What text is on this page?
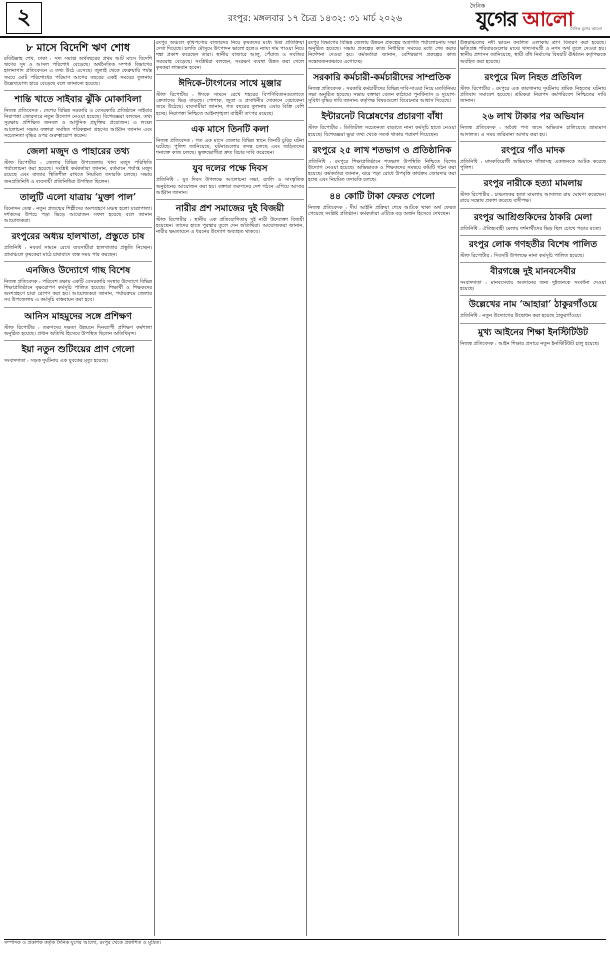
২	রংপুর: মঙ্গলবার ১৭ চৈত্র ১৪৩২: ৩১ মার্চ ২০২৬
দৈনিক
যুগের আলো
দৈনিক যুগের আলো
৮ মাসে বিদেশি ঋণ শোধ
রবিউল্লাহ শেখ, ঢাকা : সদ্য সমাপ্ত অর্থবছরের প্রথম আট মাসে বিদেশি ঋণের সুদ ও আসল পরিশোধ বেড়েছে। অর্থনৈতিক সম্পর্ক বিভাগের হালনাগাদ প্রতিবেদনে এ তথ্য উঠে এসেছে। জুলাই থেকে ফেব্রুয়ারি পর্যন্ত সময়ে মোট পরিশোধের পরিমাণ আগের বছরের একই সময়ের তুলনায় উল্লেখযোগ্য হারে বেড়েছে বলে জানানো হয়েছে।
শান্তি খাতে সাইবার ঝুঁকি মোকাবিলা
নিজস্ব প্রতিবেদক : দেশের বিভিন্ন সরকারি ও বেসরকারি প্রতিষ্ঠানে সাইবার নিরাপত্তা জোরদারে নতুন উদ্যোগ নেওয়া হয়েছে। বিশেষজ্ঞরা বলছেন, তথ্য সুরক্ষায় প্রশিক্ষিত জনবল ও আধুনিক প্রযুক্তির প্রয়োজন। এ লক্ষ্যে আলোচনা সভায় বক্তারা সমন্বিত পরিকল্পনা গ্রহণের আহ্বান জানান এবং সচেতনতা বৃদ্ধির ওপর গুরুত্বারোপ করেন।
জেলা মজুদ ও পাহারের তথ্য
স্টাফ রিপোর্টার : জেলার বিভিন্ন উপজেলায় খাদ্য মজুদ পরিস্থিতি পর্যালোচনা করা হয়েছে। সংশ্লিষ্ট কর্মকর্তারা জানান, বর্তমানে পর্যাপ্ত মজুদ রয়েছে এবং বাজার স্থিতিশীল রাখতে নিয়মিত তদারকি চলছে। সভায় জনপ্রতিনিধি ও ব্যবসায়ী প্রতিনিধিরা উপস্থিত ছিলেন।
তালুটি এলো যাত্রায় ‘মুক্তা পাল’
বিনোদন ডেস্ক : নতুন প্রজন্মের শিল্পীদের অংশগ্রহণে মঞ্চস্থ হলো যাত্রাপালা। দর্শকদের উপচে পড়া ভিড়ে আয়োজন সফল হয়েছে বলে জানান আয়োজকরা।
রংপুরের অধ্যয় হালখাতা, প্রস্তুতে চাষ
প্রতিনিধি : নববর্ষ সামনে রেখে ব্যবসায়ীরা হালখাতার প্রস্তুতি নিচ্ছেন। গ্রামাঞ্চলে কৃষকেরা মাঠে চাষাবাদে ব্যস্ত সময় পার করছেন।
এনজিও উদ্যোগে গাছ বিশেষ
নিজস্ব প্রতিবেদক : পরিবেশ রক্ষায় একটি বেসরকারি সংস্থার উদ্যোগে বিভিন্ন শিক্ষাপ্রতিষ্ঠানে বৃক্ষরোপণ কর্মসূচি পালিত হয়েছে। শিক্ষার্থী ও শিক্ষকদের অংশগ্রহণে চারা রোপণ করা হয়। আয়োজকরা জানান, পর্যায়ক্রমে জেলার সব উপজেলায় এ কর্মসূচি বাস্তবায়ন করা হবে।
আনিস মাহমুদের সঙ্গে প্রশিক্ষণ
স্টাফ রিপোর্টার : তরুণদের দক্ষতা উন্নয়নে দিনব্যাপী প্রশিক্ষণ কর্মশালা অনুষ্ঠিত হয়েছে। প্রধান অতিথি হিসেবে উপস্থিত ছিলেন অতিথিবৃন্দ।
ইয়া নতুন শুটিংয়ের প্রাণ গেলো
সংবাদদাতা : সড়ক দুর্ঘটনায় এক যুবকের মৃত্যু হয়েছে।
রংপুর অঞ্চলে কৃষিপণ্যের বাজারদর নিয়ে কৃষকদের মধ্যে মিশ্র প্রতিক্রিয়া দেখা দিয়েছে। চলতি মৌসুমে উৎপাদন ভালো হলেও ন্যায্য দাম পাওয়া নিয়ে শঙ্কা প্রকাশ করেছেন তারা। স্থানীয় বাজারে আলু, পেঁয়াজ ও সবজির সরবরাহ বেড়েছে। সংশ্লিষ্টরা বলছেন, সংরক্ষণ ব্যবস্থা উন্নত করা গেলে কৃষকরা লাভবান হবেন।
ঈদিকে-টাংগনের সাথে মুঞ্জার
স্টাফ রিপোর্টার : ঈদকে সামনে রেখে শহরের বিপণিবিতানগুলোতে ক্রেতাদের ভিড় বাড়ছে। পোশাক, জুতা ও প্রসাধনীর দোকানে বেচাকেনা জমে উঠেছে। ব্যবসায়ীরা জানান, গত বছরের তুলনায় এবার বিক্রি বেশি হচ্ছে। নিরাপত্তা নিশ্চিতে আইনশৃঙ্খলা বাহিনী তৎপর রয়েছে।
এক মাসে তিনটি কলা
নিজস্ব প্রতিবেদক : গত এক মাসে জেলার বিভিন্ন স্থানে তিনটি চুরির ঘটনা ঘটেছে। পুলিশ জানিয়েছে, ঘটনাগুলোর তদন্ত চলছে এবং জড়িতদের শনাক্তে কাজ চলছে। ভুক্তভোগীরা দ্রুত বিচার দাবি করেছেন।
যুব দলের পক্ষে দিবস
প্রতিনিধি : যুব দিবস উপলক্ষে আলোচনা সভা, র‌্যালি ও সাংস্কৃতিক অনুষ্ঠানের আয়োজন করা হয়। বক্তারা তরুণদের দেশ গঠনে এগিয়ে আসার আহ্বান জানান।
নারীর প্রশ সমাজের দুই বিজয়ী
স্টাফ রিপোর্টার : স্থানীয় এক প্রতিযোগিতায় দুই নারী উদ্যোক্তা বিজয়ী হয়েছেন। তাদের হাতে পুরস্কার তুলে দেন অতিথিরা। আয়োজকরা জানান, নারীর ক্ষমতায়নে এ ধরনের উদ্যোগ অব্যাহত থাকবে।
রংপুর বিভাগের বিভিন্ন জেলায় উন্নয়ন প্রকল্পের অগ্রগতি পর্যালোচনায় সভা অনুষ্ঠিত হয়েছে। সভায় প্রকল্পের কাজ নির্ধারিত সময়ের মধ্যে শেষ করার নির্দেশনা দেওয়া হয়। কর্মকর্তারা জানান, বেশিরভাগ প্রকল্পের কাজ সন্তোষজনকভাবে এগোচ্ছে।
সরকারি কর্মচারী-কর্মচারীদের সাম্প্রতিক
নিজস্ব প্রতিবেদক : সরকারি কর্মচারীদের বিভিন্ন দাবি-দাওয়া নিয়ে মতবিনিময় সভা অনুষ্ঠিত হয়েছে। সভায় বক্তারা বেতন কাঠামো পুনর্বিন্যাস ও সুযোগ-সুবিধা বৃদ্ধির দাবি জানান। কর্তৃপক্ষ বিষয়গুলো বিবেচনার আশ্বাস দিয়েছে।
ইন্টারনেট বিশ্লেষণের প্রচারণা বাঁধা
স্টাফ রিপোর্টার : ডিজিটাল সচেতনতা বাড়াতে নানা কর্মসূচি হাতে নেওয়া হয়েছে। বিশেষজ্ঞরা ভুয়া তথ্য থেকে সতর্ক থাকার পরামর্শ দিয়েছেন।
রংপুরে ২৫ লাখ শতভাগ ও প্রতিষ্ঠানিক
প্রতিনিধি : রংপুরে শিক্ষাপ্রতিষ্ঠানে শতভাগ উপস্থিতি নিশ্চিতে বিশেষ উদ্যোগ নেওয়া হয়েছে। অভিভাবক ও শিক্ষকদের সমন্বয়ে কমিটি গঠন করা হয়েছে। কর্মকর্তারা জানান, ঝরে পড়া রোধে উপবৃত্তি কার্যক্রম জোরদার করা হচ্ছে এবং নিয়মিত তদারকি চলছে।
৪৪ কোটি টাকা ফেরত পেলো
নিজস্ব প্রতিবেদক : দীর্ঘ আইনি প্রক্রিয়া শেষে আটকে থাকা অর্থ ফেরত পেয়েছে সংশ্লিষ্ট প্রতিষ্ঠান। কর্মকর্তারা এটিকে বড় অর্জন হিসেবে দেখছেন।
উত্তরাঞ্চলের নদী ভাঙন কবলিত এলাকায় ত্রাণ বিতরণ করা হয়েছে। ক্ষতিগ্রস্ত পরিবারগুলোর মাঝে খাদ্যসামগ্রী ও নগদ অর্থ তুলে দেওয়া হয়। স্থানীয় প্রশাসন জানিয়েছে, স্থায়ী বাঁধ নির্মাণের বিষয়টি ঊর্ধ্বতন কর্তৃপক্ষকে অবহিত করা হয়েছে।
রংপুরে মিল নিহত প্রতিবিল
স্টাফ রিপোর্টার : রংপুরে এক কারখানায় দুর্ঘটনায় শ্রমিক নিহতের ঘটনায় প্রতিবাদ সমাবেশ হয়েছে। শ্রমিকরা নিরাপদ কর্মপরিবেশ নিশ্চিতের দাবি জানান।
২৬ লাখ টাকার পর অভিযান
নিজস্ব প্রতিবেদক : অবৈধ পণ্য জব্দে অভিযান চালিয়েছে ভ্রাম্যমাণ আদালত। এ সময় জরিমানা আদায় করা হয়।
রংপুরে গাঁও মাদক
প্রতিনিধি : মাদকবিরোধী অভিযানে গাঁজাসহ একজনকে আটক করেছে পুলিশ।
রংপুর নারীকে হত্যা মামলায়
স্টাফ রিপোর্টার : চাঞ্চল্যকর হত্যা মামলায় আদালত রায় ঘোষণা করেছেন। রায়ে সন্তোষ প্রকাশ করেছে বাদীপক্ষ।
রংপুর আশ্রিগুকিদের ঠাকরি মেলা
প্রতিনিধি : ঐতিহ্যবাহী মেলায় দর্শনার্থীদের ভিড় ছিল চোখে পড়ার মতো।
রংপুর লোক গণহতীর বিশেষ পালিত
স্টাফ রিপোর্টার : দিবসটি উপলক্ষে নানা কর্মসূচি পালিত হয়েছে।
বীরগঞ্জে দুই মানবসেবীর
সংবাদদাতা : মানবসেবায় অবদানের জন্য দুইজনকে সংবর্ধনা দেওয়া হয়েছে।
উল্লেখের নাম ‘আহারা’ ঠাকুরগাঁওয়ে
প্রতিনিধি : নতুন উদ্যোগের উদ্বোধন করা হয়েছে ঠাকুরগাঁওয়ে।
মুখ্য আইনের শিক্ষা ইনস্টিটিউট
নিজস্ব প্রতিবেদক : আইন শিক্ষার প্রসারে নতুন ইনস্টিটিউট চালু হয়েছে।
সম্পাদক ও প্রকাশক কর্তৃক দৈনিক যুগের আলো, রংপুর থেকে প্রকাশিত ও মুদ্রিত।
